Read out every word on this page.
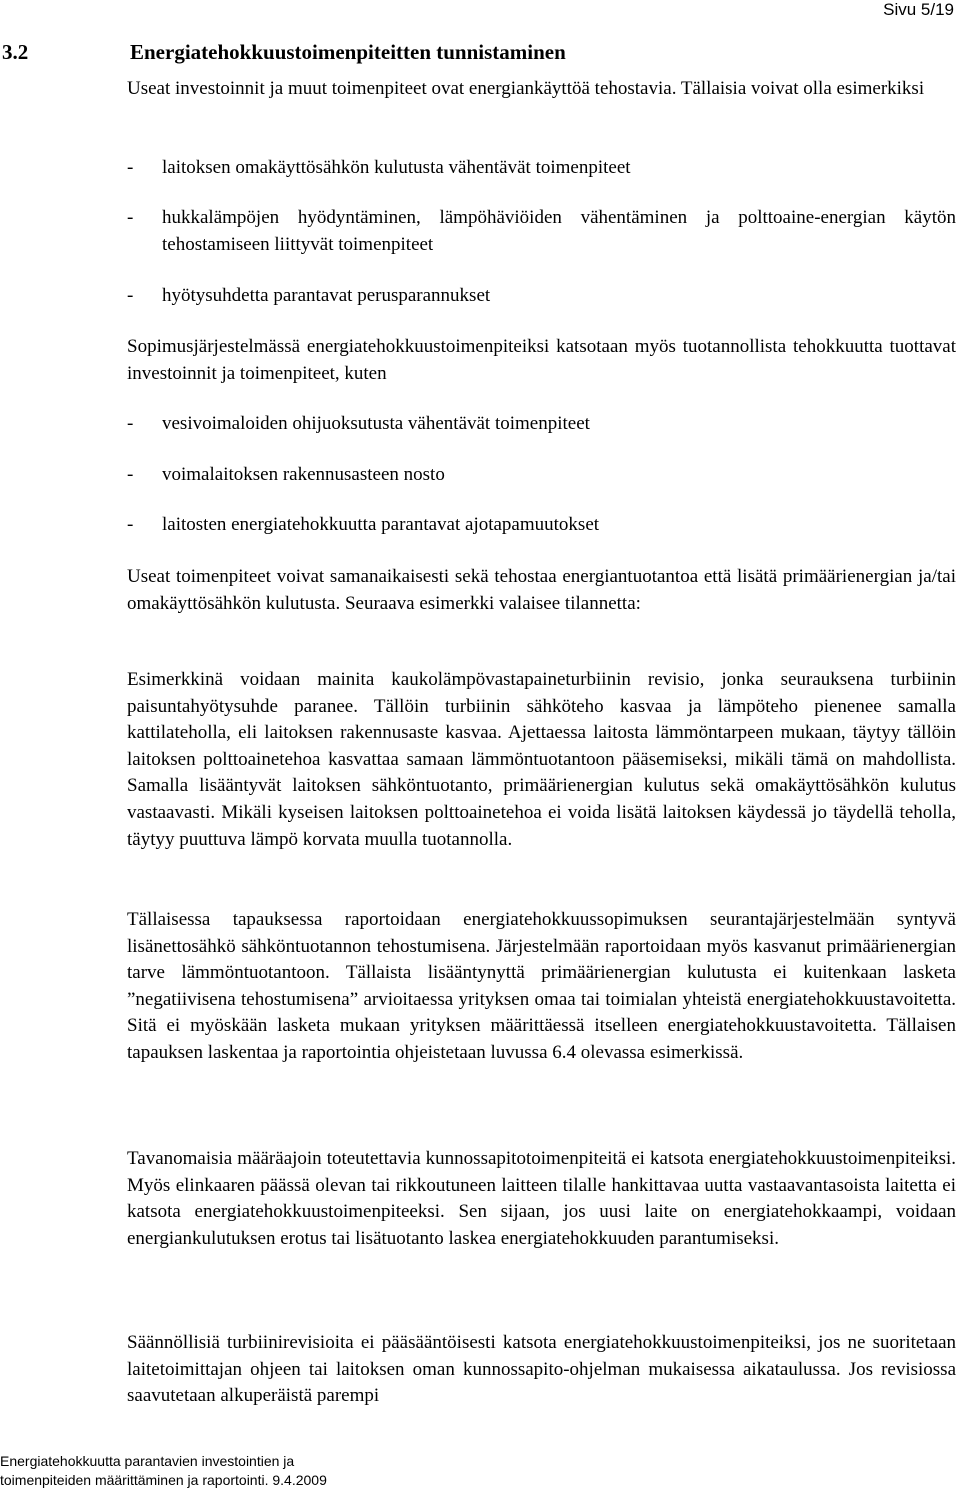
Sivu 5/19
3.2	Energiatehokkuustoimenpiteitten tunnistaminen
Useat investoinnit ja muut toimenpiteet ovat energiankäyttöä tehostavia. Tällaisia voivat olla esimerkiksi
- laitoksen omakäyttösähkön kulutusta vähentävät toimenpiteet
- hukkalämpöjen hyödyntäminen, lämpöhäviöiden vähentäminen ja polttoaine-energian käytön tehostamiseen liittyvät toimenpiteet
- hyötysuhdetta parantavat perusparannukset
Sopimusjärjestelmässä energiatehokkuustoimenpiteiksi katsotaan myös tuotannollista tehokkuutta tuottavat investoinnit ja toimenpiteet, kuten
- vesivoimaloiden ohijuoksutusta vähentävät toimenpiteet
- voimalaitoksen rakennusasteen nosto
- laitosten energiatehokkuutta parantavat ajotapamuutokset
Useat toimenpiteet voivat samanaikaisesti sekä tehostaa energiantuotantoa että lisätä primäärienergian ja/tai omakäyttösähkön kulutusta. Seuraava esimerkki valaisee tilannetta:
Esimerkkinä voidaan mainita kaukolämpövastapaineturbiinin revisio, jonka seurauksena turbiinin paisuntahyötysuhde paranee. Tällöin turbiinin sähköteho kasvaa ja lämpöteho pienenee samalla kattilateholla, eli laitoksen rakennusaste kasvaa. Ajettaessa laitosta lämmöntarpeen mukaan, täytyy tällöin laitoksen polttoainetehoa kasvattaa samaan lämmöntuotantoon pääsemiseksi, mikäli tämä on mahdollista. Samalla lisääntyvät laitoksen sähköntuotanto, primäärienergian kulutus sekä omakäyttösähkön kulutus vastaavasti. Mikäli kyseisen laitoksen polttoainetehoa ei voida lisätä laitoksen käydessä jo täydellä teholla, täytyy puuttuva lämpö korvata muulla tuotannolla.
Tällaisessa tapauksessa raportoidaan energiatehokkuussopimuksen seurantajärjestelmään syntyvä lisänettosähkö sähköntuotannon tehostumisena. Järjestelmään raportoidaan myös kasvanut primäärienergian tarve lämmöntuotantoon. Tällaista lisääntynyttä primäärienergian kulutusta ei kuitenkaan lasketa ”negatiivisena tehostumisena” arvioitaessa yrityksen omaa tai toimialan yhteistä energiatehokkuustavoitetta. Sitä ei myöskään lasketa mukaan yrityksen määrittäessä itselleen energiatehokkuustavoitetta. Tällaisen tapauksen laskentaa ja raportointia ohjeistetaan luvussa 6.4 olevassa esimerkissä.
Tavanomaisia määräajoin toteutettavia kunnossapitotoimenpiteitä ei katsota energiatehokkuustoimenpiteiksi. Myös elinkaaren päässä olevan tai rikkoutuneen laitteen tilalle hankittavaa uutta vastaavantasoista laitetta ei katsota energiatehokkuustoimenpiteeksi. Sen sijaan, jos uusi laite on energiatehokkaampi, voidaan energiankulutuksen erotus tai lisätuotanto laskea energiatehokkuuden parantumiseksi.
Säännöllisiä turbiinirevisioita ei pääsääntöisesti katsota energiatehokkuustoimenpiteiksi, jos ne suoritetaan laitetoimittajan ohjeen tai laitoksen oman kunnossapito-ohjelman mukaisessa aikataulussa. Jos revisiossa saavutetaan alkuperäistä parempi
Energiatehokkuutta parantavien investointien ja
toimenpiteiden määrittäminen ja raportointi. 9.4.2009
